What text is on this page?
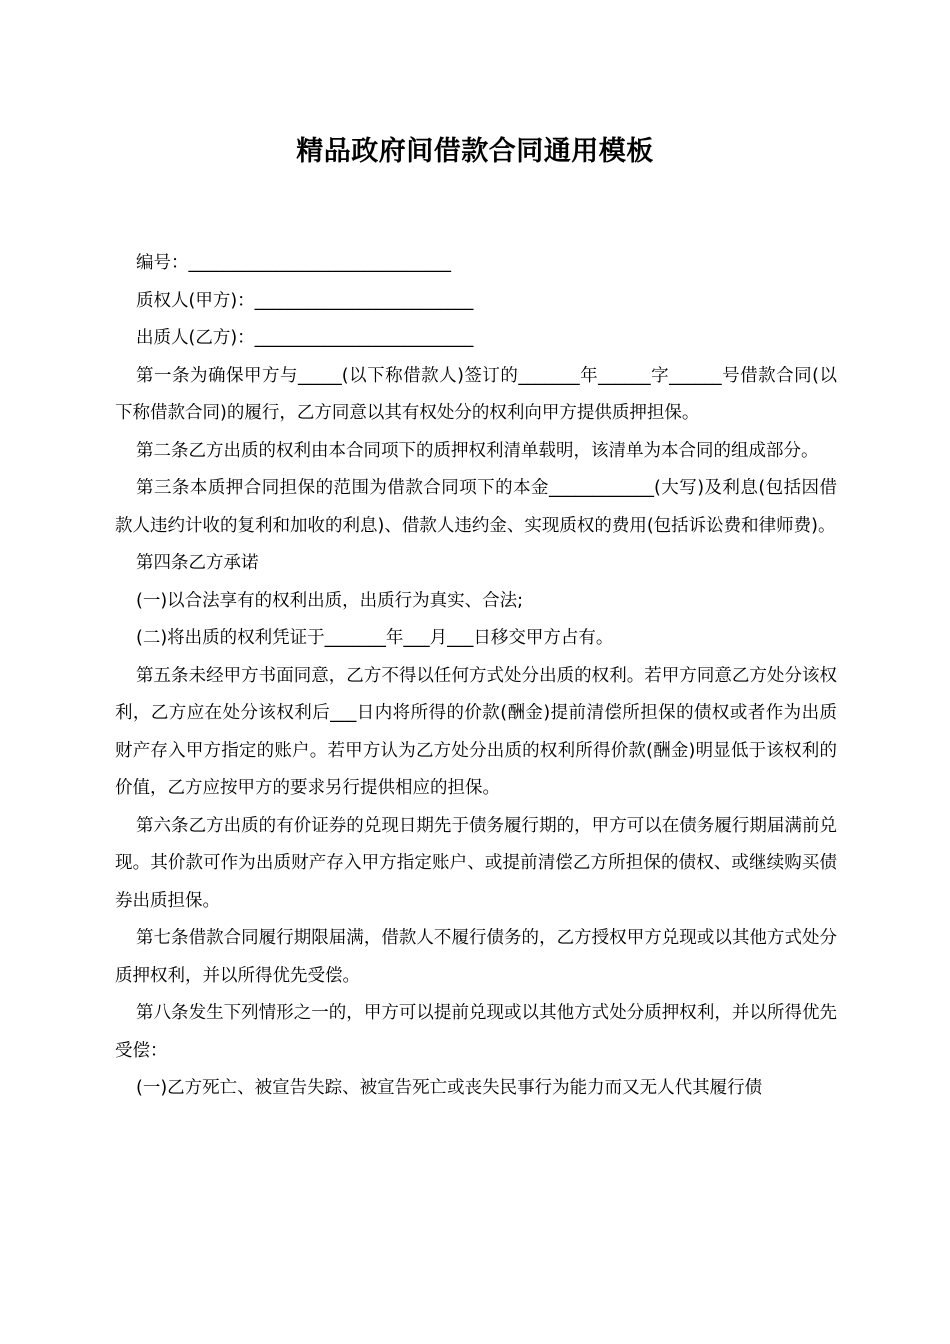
精品政府间借款合同通用模板

编号：______________________________

质权人(甲方)：_________________________

出质人(乙方)：_________________________

第一条为确保甲方与_____(以下称借款人)签订的_______年______字______号借款合同(以下称借款合同)的履行，乙方同意以其有权处分的权利向甲方提供质押担保。

第二条乙方出质的权利由本合同项下的质押权利清单载明，该清单为本合同的组成部分。

第三条本质押合同担保的范围为借款合同项下的本金____________(大写)及利息(包括因借款人违约计收的复利和加收的利息)、借款人违约金、实现质权的费用(包括诉讼费和律师费)。

第四条乙方承诺

(一)以合法享有的权利出质，出质行为真实、合法;

(二)将出质的权利凭证于_______年___月___日移交甲方占有。

第五条未经甲方书面同意，乙方不得以任何方式处分出质的权利。若甲方同意乙方处分该权利，乙方应在处分该权利后___日内将所得的价款(酬金)提前清偿所担保的债权或者作为出质财产存入甲方指定的账户。若甲方认为乙方处分出质的权利所得价款(酬金)明显低于该权利的价值，乙方应按甲方的要求另行提供相应的担保。

第六条乙方出质的有价证券的兑现日期先于债务履行期的，甲方可以在债务履行期届满前兑现。其价款可作为出质财产存入甲方指定账户、或提前清偿乙方所担保的债权、或继续购买债券出质担保。

第七条借款合同履行期限届满，借款人不履行债务的，乙方授权甲方兑现或以其他方式处分质押权利，并以所得优先受偿。

第八条发生下列情形之一的，甲方可以提前兑现或以其他方式处分质押权利，并以所得优先受偿：

(一)乙方死亡、被宣告失踪、被宣告死亡或丧失民事行为能力而又无人代其履行债
